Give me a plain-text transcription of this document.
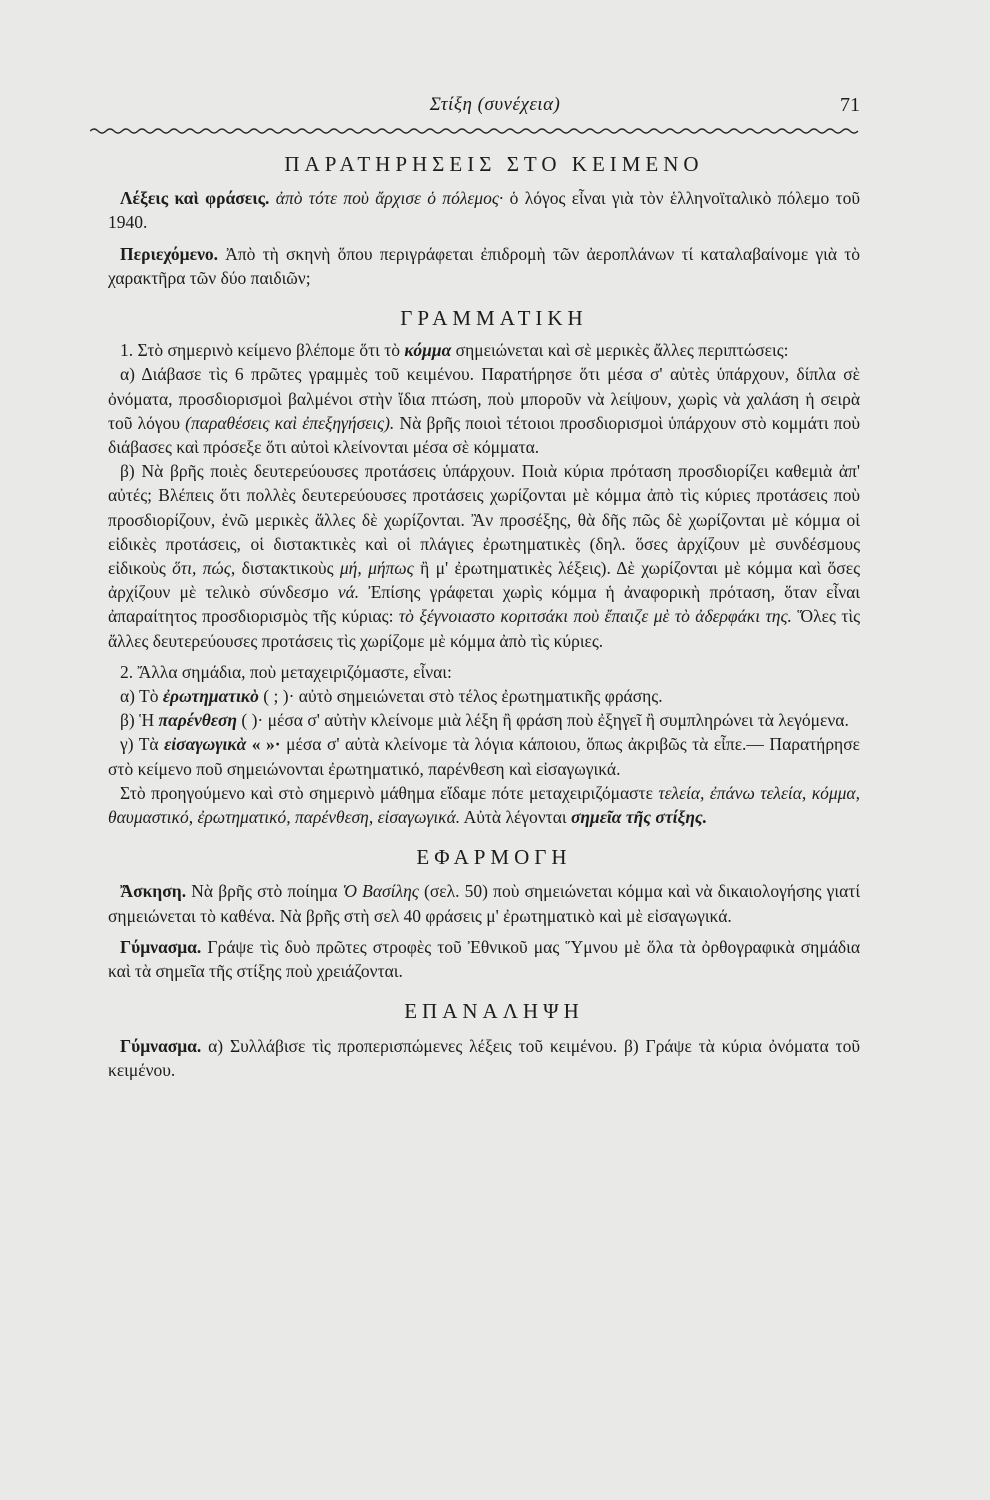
Στίξη (συνέχεια)	71
ΠΑΡΑΤΗΡΗΣΕΙΣ ΣΤΟ ΚΕΙΜΕΝΟ

Λέξεις καὶ φράσεις. ἀπὸ τότε ποὺ ἄρχισε ὁ πόλεμος· ὁ λόγος εἶναι γιὰ τὸν ἑλληνοϊταλικὸ πόλεμο τοῦ 1940.

Περιεχόμενο. Ἀπὸ τὴ σκηνὴ ὅπου περιγράφεται ἐπιδρομὴ τῶν ἀεροπλάνων τί καταλαβαίνομε γιὰ τὸ χαρακτῆρα τῶν δύο παιδιῶν;

ΓΡΑΜΜΑΤΙΚΗ

1. Στὸ σημερινὸ κείμενο βλέπομε ὅτι τὸ κόμμα σημειώνεται καὶ σὲ μερικὲς ἄλλες περιπτώσεις:

α) Διάβασε τὶς 6 πρῶτες γραμμὲς τοῦ κειμένου. Παρατήρησε ὅτι μέσα σ' αὐτὲς ὑπάρχουν, δίπλα σὲ ὀνόματα, προσδιορισμοὶ βαλμένοι στὴν ἴδια πτώση, ποὺ μποροῦν νὰ λείψουν, χωρὶς νὰ χαλάση ἡ σειρὰ τοῦ λόγου (παραθέσεις καὶ ἐπεξηγήσεις). Νὰ βρῆς ποιοὶ τέτοιοι προσδιορισμοὶ ὑπάρχουν στὸ κομμάτι ποὺ διάβασες καὶ πρόσεξε ὅτι αὐτοὶ κλείνονται μέσα σὲ κόμματα.

β) Νὰ βρῆς ποιὲς δευτερεύουσες προτάσεις ὑπάρχουν. Ποιὰ κύρια πρόταση προσδιορίζει καθεμιὰ ἀπ' αὐτές; Βλέπεις ὅτι πολλὲς δευτερεύουσες προτάσεις χωρίζονται μὲ κόμμα ἀπὸ τὶς κύριες προτάσεις ποὺ προσδιορίζουν, ἐνῶ μερικὲς ἄλλες δὲ χωρίζονται. Ἂν προσέξης, θὰ δῆς πῶς δὲ χωρίζονται μὲ κόμμα οἱ εἰδικὲς προτάσεις, οἱ διστακτικὲς καὶ οἱ πλάγιες ἐρωτηματικὲς (δηλ. ὅσες ἀρχίζουν μὲ συνδέσμους εἰδικοὺς ὅτι, πώς, διστακτικοὺς μή, μήπως ἢ μ' ἐρωτηματικὲς λέξεις). Δὲ χωρίζονται μὲ κόμμα καὶ ὅσες ἀρχίζουν μὲ τελικὸ σύνδεσμο νά. Ἐπίσης γράφεται χωρὶς κόμμα ἡ ἀναφορικὴ πρόταση, ὅταν εἶναι ἀπαραίτητος προσδιορισμὸς τῆς κύριας: τὸ ξέγνοιαστο κοριτσάκι ποὺ ἔπαιζε μὲ τὸ ἀδερφάκι της. Ὅλες τὶς ἄλλες δευτερεύουσες προτάσεις τὶς χωρίζομε μὲ κόμμα ἀπὸ τὶς κύριες.

2. Ἄλλα σημάδια, ποὺ μεταχειριζόμαστε, εἶναι:

α) Τὸ ἐρωτηματικὸ ( ; )· αὐτὸ σημειώνεται στὸ τέλος ἐρωτηματικῆς φράσης.

β) Ἡ παρένθεση ( )· μέσα σ' αὐτὴν κλείνομε μιὰ λέξη ἢ φράση ποὺ ἐξηγεῖ ἢ συμπληρώνει τὰ λεγόμενα.

γ) Τὰ εἰσαγωγικὰ « »· μέσα σ' αὐτὰ κλείνομε τὰ λόγια κάποιου, ὅπως ἀκριβῶς τὰ εἶπε.— Παρατήρησε στὸ κείμενο ποῦ σημειώνονται ἐρωτηματικό, παρένθεση καὶ εἰσαγωγικά.

Στὸ προηγούμενο καὶ στὸ σημερινὸ μάθημα εἴδαμε πότε μεταχειριζόμαστε τελεία, ἐπάνω τελεία, κόμμα, θαυμαστικό, ἐρωτηματικό, παρένθεση, εἰσαγωγικά. Αὐτὰ λέγονται σημεῖα τῆς στίξης.

ΕΦΑΡΜΟΓΗ

Ἄσκηση. Νὰ βρῆς στὸ ποίημα Ὁ Βασίλης (σελ. 50) ποὺ σημειώνεται κόμμα καὶ νὰ δικαιολογήσης γιατί σημειώνεται τὸ καθένα. Νὰ βρῆς στὴ σελ 40 φράσεις μ' ἐρωτηματικὸ καὶ μὲ εἰσαγωγικά.

Γύμνασμα. Γράψε τὶς δυὸ πρῶτες στροφὲς τοῦ Ἐθνικοῦ μας Ὕμνου μὲ ὅλα τὰ ὀρθογραφικὰ σημάδια καὶ τὰ σημεῖα τῆς στίξης ποὺ χρειάζονται.

ΕΠΑΝΑΛΗΨΗ

Γύμνασμα. α) Συλλάβισε τὶς προπερισπώμενες λέξεις τοῦ κειμένου. β) Γράψε τὰ κύρια ὀνόματα τοῦ κειμένου.
